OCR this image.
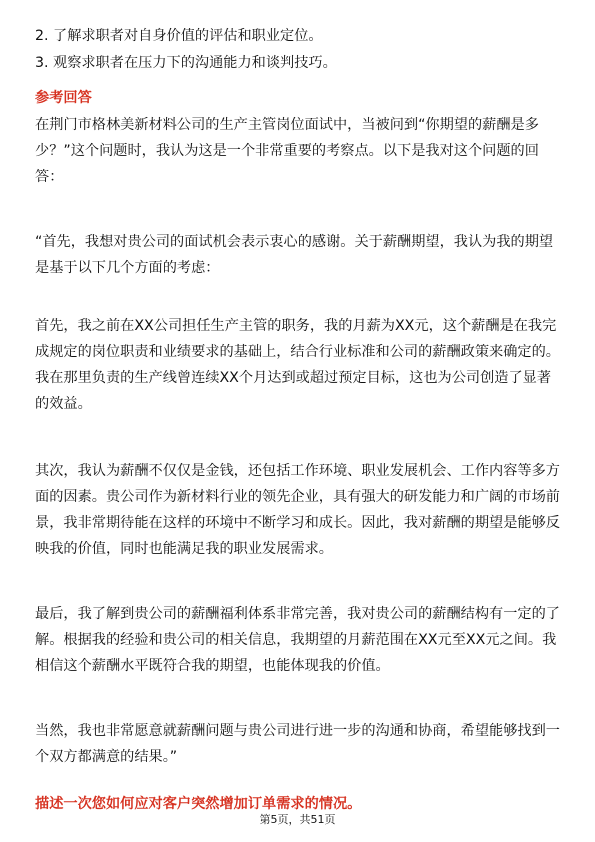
2. 了解求职者对自身价值的评估和职业定位。
3. 观察求职者在压力下的沟通能力和谈判技巧。
参考回答
在荆门市格林美新材料公司的生产主管岗位面试中，当被问到“你期望的薪酬是多少？”这个问题时，我认为这是一个非常重要的考察点。以下是我对这个问题的回答：
“首先，我想对贵公司的面试机会表示衷心的感谢。关于薪酬期望，我认为我的期望是基于以下几个方面的考虑：
首先，我之前在XX公司担任生产主管的职务，我的月薪为XX元，这个薪酬是在我完成规定的岗位职责和业绩要求的基础上，结合行业标准和公司的薪酬政策来确定的。我在那里负责的生产线曾连续XX个月达到或超过预定目标，这也为公司创造了显著的效益。
其次，我认为薪酬不仅仅是金钱，还包括工作环境、职业发展机会、工作内容等多方面的因素。贵公司作为新材料行业的领先企业，具有强大的研发能力和广阔的市场前景，我非常期待能在这样的环境中不断学习和成长。因此，我对薪酬的期望是能够反映我的价值，同时也能满足我的职业发展需求。
最后，我了解到贵公司的薪酬福利体系非常完善，我对贵公司的薪酬结构有一定的了解。根据我的经验和贵公司的相关信息，我期望的月薪范围在XX元至XX元之间。我相信这个薪酬水平既符合我的期望，也能体现我的价值。
当然，我也非常愿意就薪酬问题与贵公司进行进一步的沟通和协商，希望能够找到一个双方都满意的结果。”
描述一次您如何应对客户突然增加订单需求的情况。
第5页，共51页
